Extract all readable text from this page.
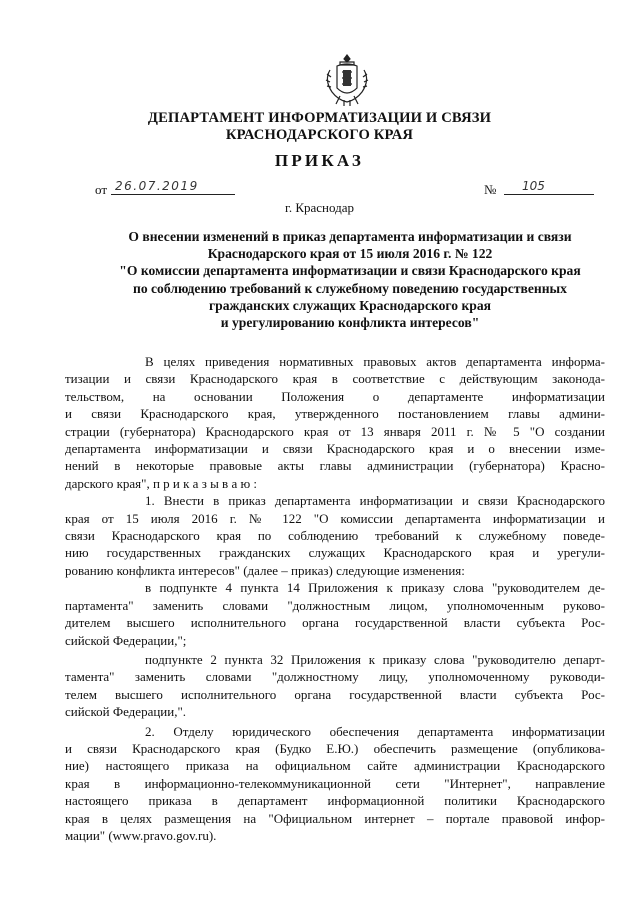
ДЕПАРТАМЕНТ ИНФОРМАТИЗАЦИИ И СВЯЗИ
КРАСНОДАРСКОГО КРАЯ
ПРИКАЗ
от 26.07.2019	№	105
г. Краснодар
О внесении изменений в приказ департамента информатизации и связи
Краснодарского края от 15 июля 2016 г. № 122
"О комиссии департамента информатизации и связи Краснодарского края
по соблюдению требований к служебному поведению государственных
гражданских служащих Краснодарского края
и урегулированию конфликта интересов"

В целях приведения нормативных правовых актов департамента информа-
тизации и связи Краснодарского края в соответствие с действующим законода-
тельством, на основании Положения о департаменте информатизации
и связи Краснодарского края, утвержденного постановлением главы админи-
страции (губернатора) Краснодарского края от 13 января 2011 г. № 5 "О создании
департамента информатизации и связи Краснодарского края и о внесении изме-
нений в некоторые правовые акты главы администрации (губернатора) Красно-
дарского края", п р и к а з ы в а ю :

1. Внести в приказ департамента информатизации и связи Краснодарского
края от 15 июля 2016 г. № 122 "О комиссии департамента информатизации и
связи Краснодарского края по соблюдению требований к служебному поведе-
нию государственных гражданских служащих Краснодарского края и урегули-
рованию конфликта интересов" (далее – приказ) следующие изменения:

в подпункте 4 пункта 14 Приложения к приказу слова "руководителем де-
партамента" заменить словами "должностным лицом, уполномоченным руково-
дителем высшего исполнительного органа государственной власти субъекта Рос-
сийской Федерации,";

подпункте 2 пункта 32 Приложения к приказу слова "руководителю департ-
тамента" заменить словами "должностному лицу, уполномоченному руководи-
телем высшего исполнительного органа государственной власти субъекта Рос-
сийской Федерации,".

2. Отделу юридического обеспечения департамента информатизации
и связи Краснодарского края (Будко Е.Ю.) обеспечить размещение (опубликова-
ние) настоящего приказа на официальном сайте администрации Краснодарского
края в информационно-телекоммуникационной сети "Интернет", направление
настоящего приказа в департамент информационной политики Краснодарского
края в целях размещения на "Официальном интернет – портале правовой инфор-
мации" (www.pravo.gov.ru).
